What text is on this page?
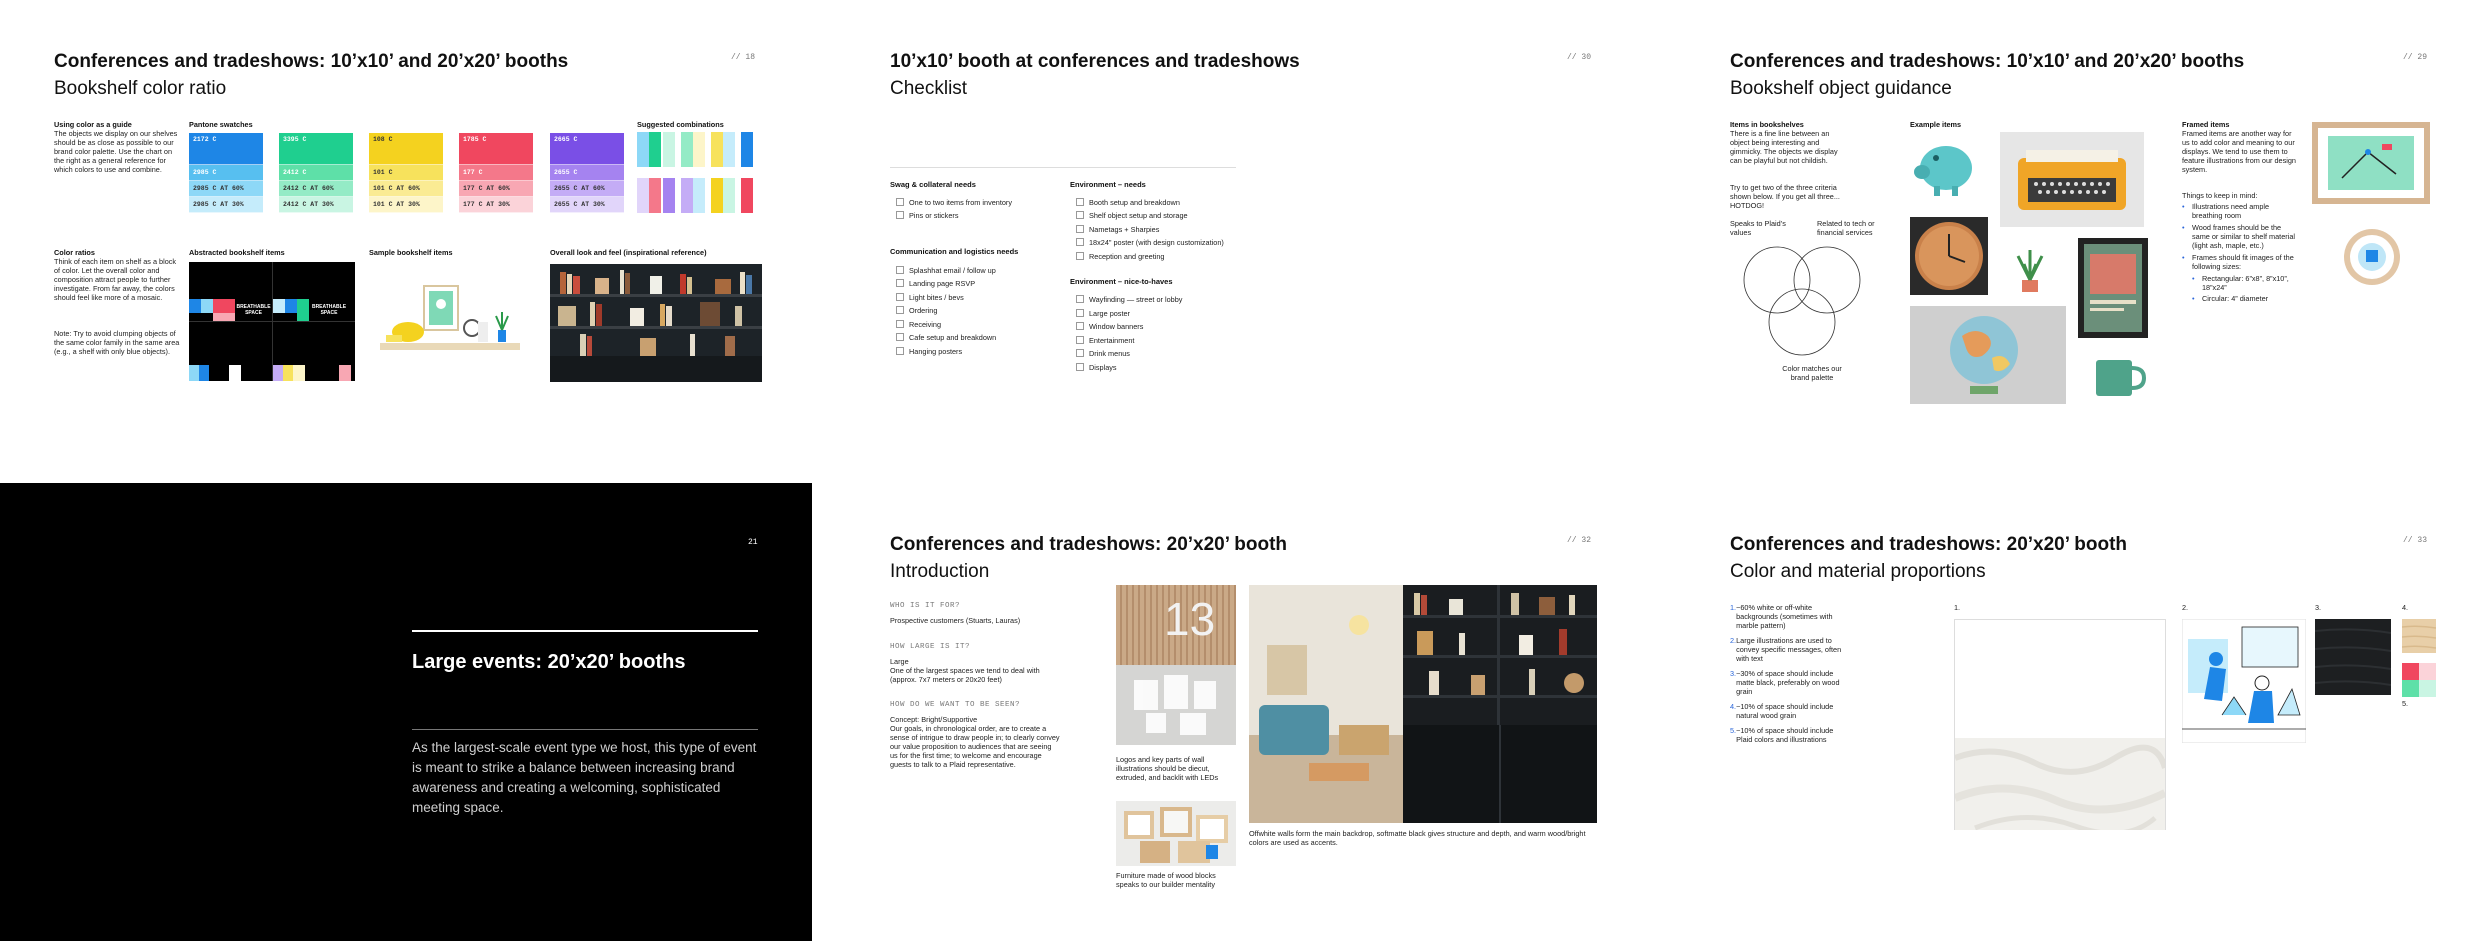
Conferences and tradeshows: 10’x10’ and 20’x20’ booths
Bookshelf color ratio
// 18
Using color as a guide
The objects we display on our shelves should be as close as possible to our brand color palette. Use the chart on the right as a general reference for which colors to use and combine.
Color ratios
Think of each item on shelf as a block of color. Let the overall color and composition attract people to further investigate. From far away, the colors should feel like more of a mosaic.
Note: Try to avoid clumping objects of the same color family in the same area (e.g., a shelf with only blue objects).
Pantone swatches
2172 C
2985 C
2985 C AT 60%
2985 C AT 30%
3395 C
2412 C
2412 C AT 60%
2412 C AT 30%
108 C
101 C
101 C AT 60%
101 C AT 30%
1785 C
177 C
177 C AT 60%
177 C AT 30%
2665 C
2655 C
2655 C AT 60%
2655 C AT 30%
Suggested combinations
Abstracted bookshelf items
BREATHABLE SPACE
BREATHABLE SPACE
Sample bookshelf items	Overall look and feel (inspirational reference)
10’x10’ booth at conferences and tradeshows
Checklist
// 30
Swag & collateral needs
One to two items from inventory
Pins or stickers
Communication and logistics needs
Splashhat email / follow up
Landing page RSVP
Light bites / bevs
Ordering
Receiving
Cafe setup and breakdown
Hanging posters
Environment – needs
Booth setup and breakdown
Shelf object setup and storage
Nametags + Sharpies
18x24" poster (with design customization)
Reception and greeting
Environment – nice-to-haves
Wayfinding — street or lobby
Large poster
Window banners
Entertainment
Drink menus
Displays
Conferences and tradeshows: 10’x10’ and 20’x20’ booths
Bookshelf object guidance
// 29
Items in bookshelves
There is a fine line between an object being interesting and gimmicky. The objects we display can be playful but not childish.
Try to get two of the three criteria shown below. If you get all three... HOTDOG!
Speaks to Plaid’s values
Related to tech or financial services
Color matches our brand palette
Example items	Framed items
Framed items are another way for us to add color and meaning to our displays. We tend to use them to feature illustrations from our design system.
Things to keep in mind:
• Illustrations need ample breathing room
• Wood frames should be the same or similar to shelf material (light ash, maple, etc.)
• Frames should fit images of the following sizes:
• Rectangular: 6”x8”, 8”x10”, 18”x24”
• Circular: 4” diameter
21
Large events: 20’x20’ booths
As the largest-scale event type we host, this type of event is meant to strike a balance between increasing brand awareness and creating a welcoming, sophisticated meeting space.
Conferences and tradeshows: 20’x20’ booth
Introduction
// 32
WHO IS IT FOR?
Prospective customers (Stuarts, Lauras)
HOW LARGE IS IT?
Large
One of the largest spaces we tend to deal with (approx. 7x7 meters or 20x20 feet)
HOW DO WE WANT TO BE SEEN?
Concept: Bright/Supportive
Our goals, in chronological order, are to create a sense of intrigue to draw people in; to clearly convey our value proposition to audiences that are seeing us for the first time; to welcome and encourage guests to talk to a Plaid representative.
13
Logos and key parts of wall illustrations should be diecut, extruded, and backlit with LEDs
Furniture made of wood blocks speaks to our builder mentality
Offwhite walls form the main backdrop, softmatte black gives structure and depth, and warm wood/bright colors are used as accents.
Conferences and tradeshows: 20’x20’ booth
Color and material proportions
// 33
1. ~60% white or off-white backgrounds (sometimes with marble pattern)
2. Large illustrations are used to convey specific messages, often with text
3. ~30% of space should include matte black, preferably on wood grain
4. ~10% of space should include natural wood grain
5. ~10% of space should include Plaid colors and illustrations
1.	2.	3.	4.
5.
